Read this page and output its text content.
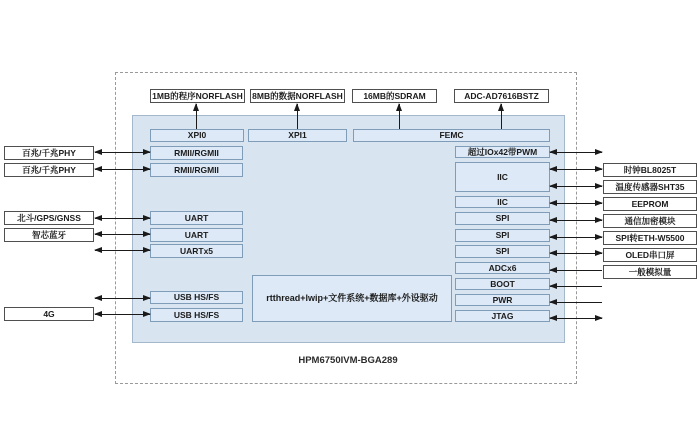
1MB的程序NORFLASH 8MB的数据NORFLASH	16MB的SDRAM	ADC-AD7616BSTZ
XPI0	XPI1	FEMC
百兆/千兆PHY
百兆/千兆PHY
北斗/GPS/GNSS
智芯蓝牙
4G
RMII/RGMII
RMII/RGMII
UART
UART
UARTx5
USB HS/FS
USB HS/FS
超过IOx42带PWM
IIC
IIC
SPI
SPI
SPI
ADCx6
BOOT
PWR
JTAG
时钟BL8025T
温度传感器SHT35
EEPROM
通信加密模块
SPI转ETH-W5500
OLED串口屏
一般模拟量
rtthread+lwip+文件系统+数据库+外设驱动
HPM6750IVM-BGA289
